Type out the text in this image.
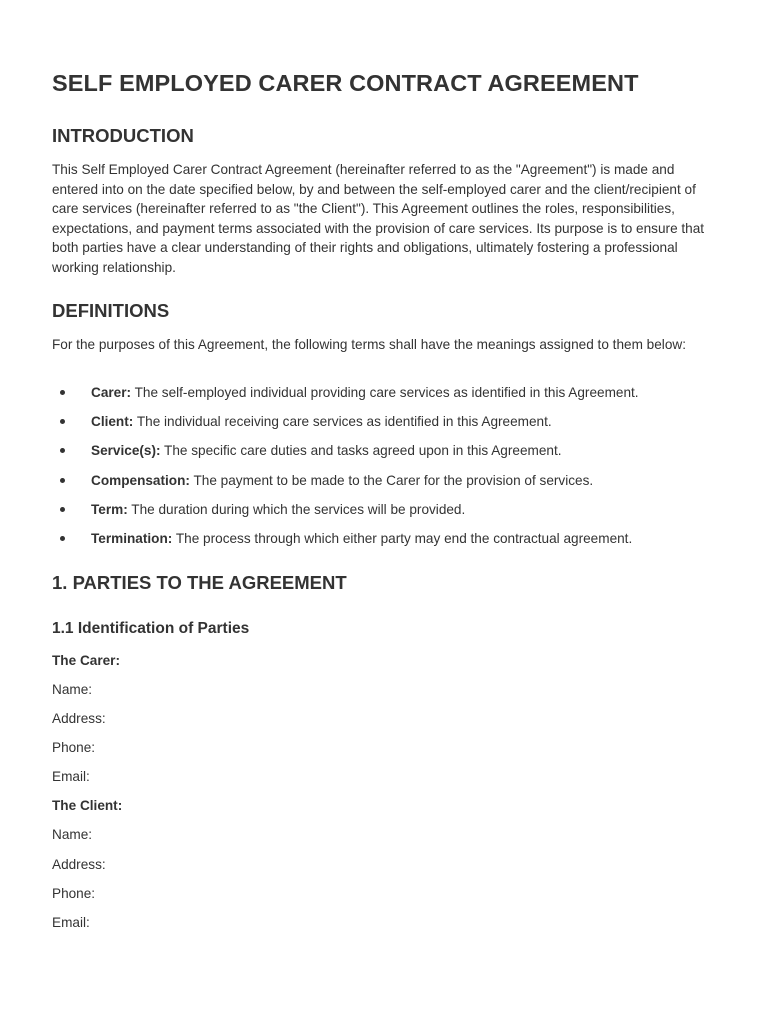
SELF EMPLOYED CARER CONTRACT AGREEMENT
INTRODUCTION

This Self Employed Carer Contract Agreement (hereinafter referred to as the "Agreement") is made and entered into on the date specified below, by and between the self-employed carer and the client/recipient of care services (hereinafter referred to as "the Client"). This Agreement outlines the roles, responsibilities, expectations, and payment terms associated with the provision of care services. Its purpose is to ensure that both parties have a clear understanding of their rights and obligations, ultimately fostering a professional working relationship.

DEFINITIONS

For the purposes of this Agreement, the following terms shall have the meanings assigned to them below:

Carer: The self-employed individual providing care services as identified in this Agreement.
Client: The individual receiving care services as identified in this Agreement.
Service(s): The specific care duties and tasks agreed upon in this Agreement.
Compensation: The payment to be made to the Carer for the provision of services.
Term: The duration during which the services will be provided.
Termination: The process through which either party may end the contractual agreement.
1. PARTIES TO THE AGREEMENT
1.1 Identification of Parties

The Carer:

Name:

Address:

Phone:

Email:

The Client:

Name:

Address:

Phone:

Email:
